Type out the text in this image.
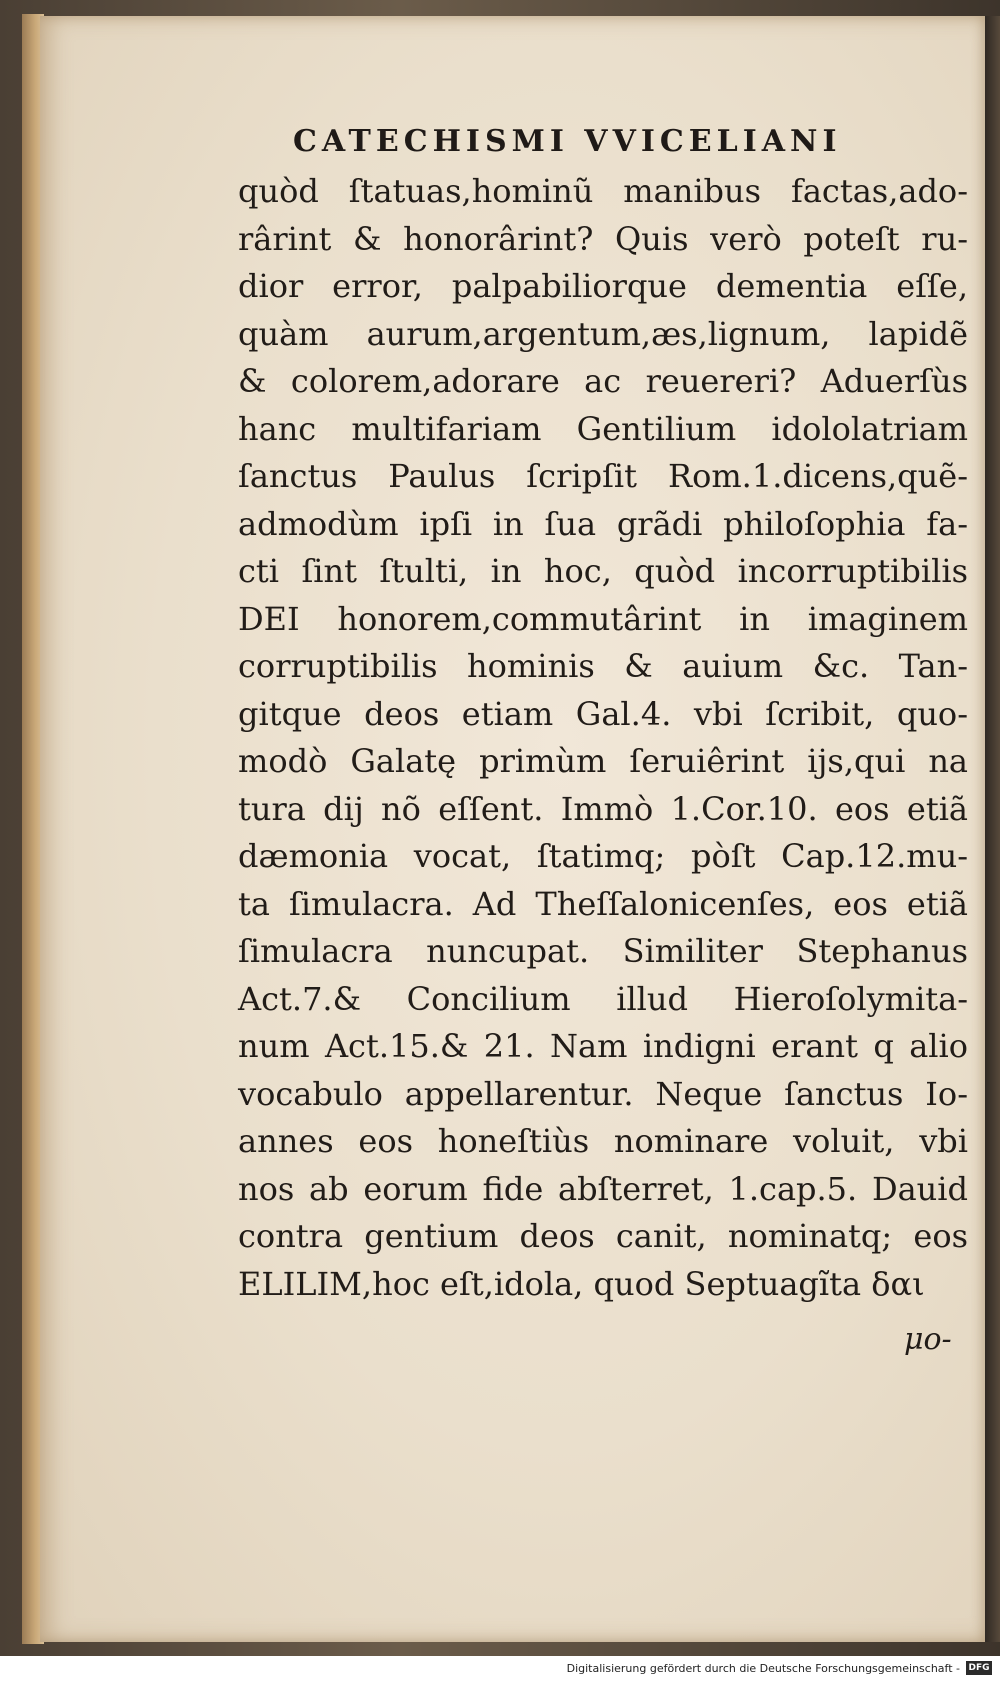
CATECHISMI VVICELIANI

quòd ſtatuas,hominũ manibus factas,ado-
rârint & honorârint? Quis verò poteſt ru-
dior error, palpabiliorque dementia eſſe,
quàm aurum,argentum,æs,lignum, lapidẽ
& colorem,adorare ac reuereri? Aduerſùs
hanc multifariam Gentilium idololatriam
ſanctus Paulus ſcripſit Rom.1.dicens,quẽ-
admodùm ipſi in ſua grãdi philoſophia fa-
cti ſint ſtulti, in hoc, quòd incorruptibilis
DEI honorem,commutârint in imaginem
corruptibilis hominis & auium &c. Tan-
gitque deos etiam Gal.4. vbi ſcribit, quo-
modò Galatę primùm ſeruiêrint ijs,qui na
tura dij nõ eſſent. Immò 1.Cor.10. eos etiã
dæmonia vocat, ſtatimq; pòſt Cap.12.mu-
ta ſimulacra. Ad Theſſalonicenſes, eos etiã
ſimulacra nuncupat. Similiter Stephanus
Act.7.& Concilium illud Hieroſolymita-
num Act.15.& 21. Nam indigni erant q alio
vocabulo appellarentur. Neque ſanctus Io-
annes eos honeſtiùs nominare voluit, vbi
nos ab eorum fide abſterret, 1.cap.5. Dauid
contra gentium deos canit, nominatq; eos
ELILIM,hoc eſt,idola, quod Septuagĩta δαι

μο-

Digitalisierung gefördert durch die Deutsche Forschungsgemeinschaft - DFG
